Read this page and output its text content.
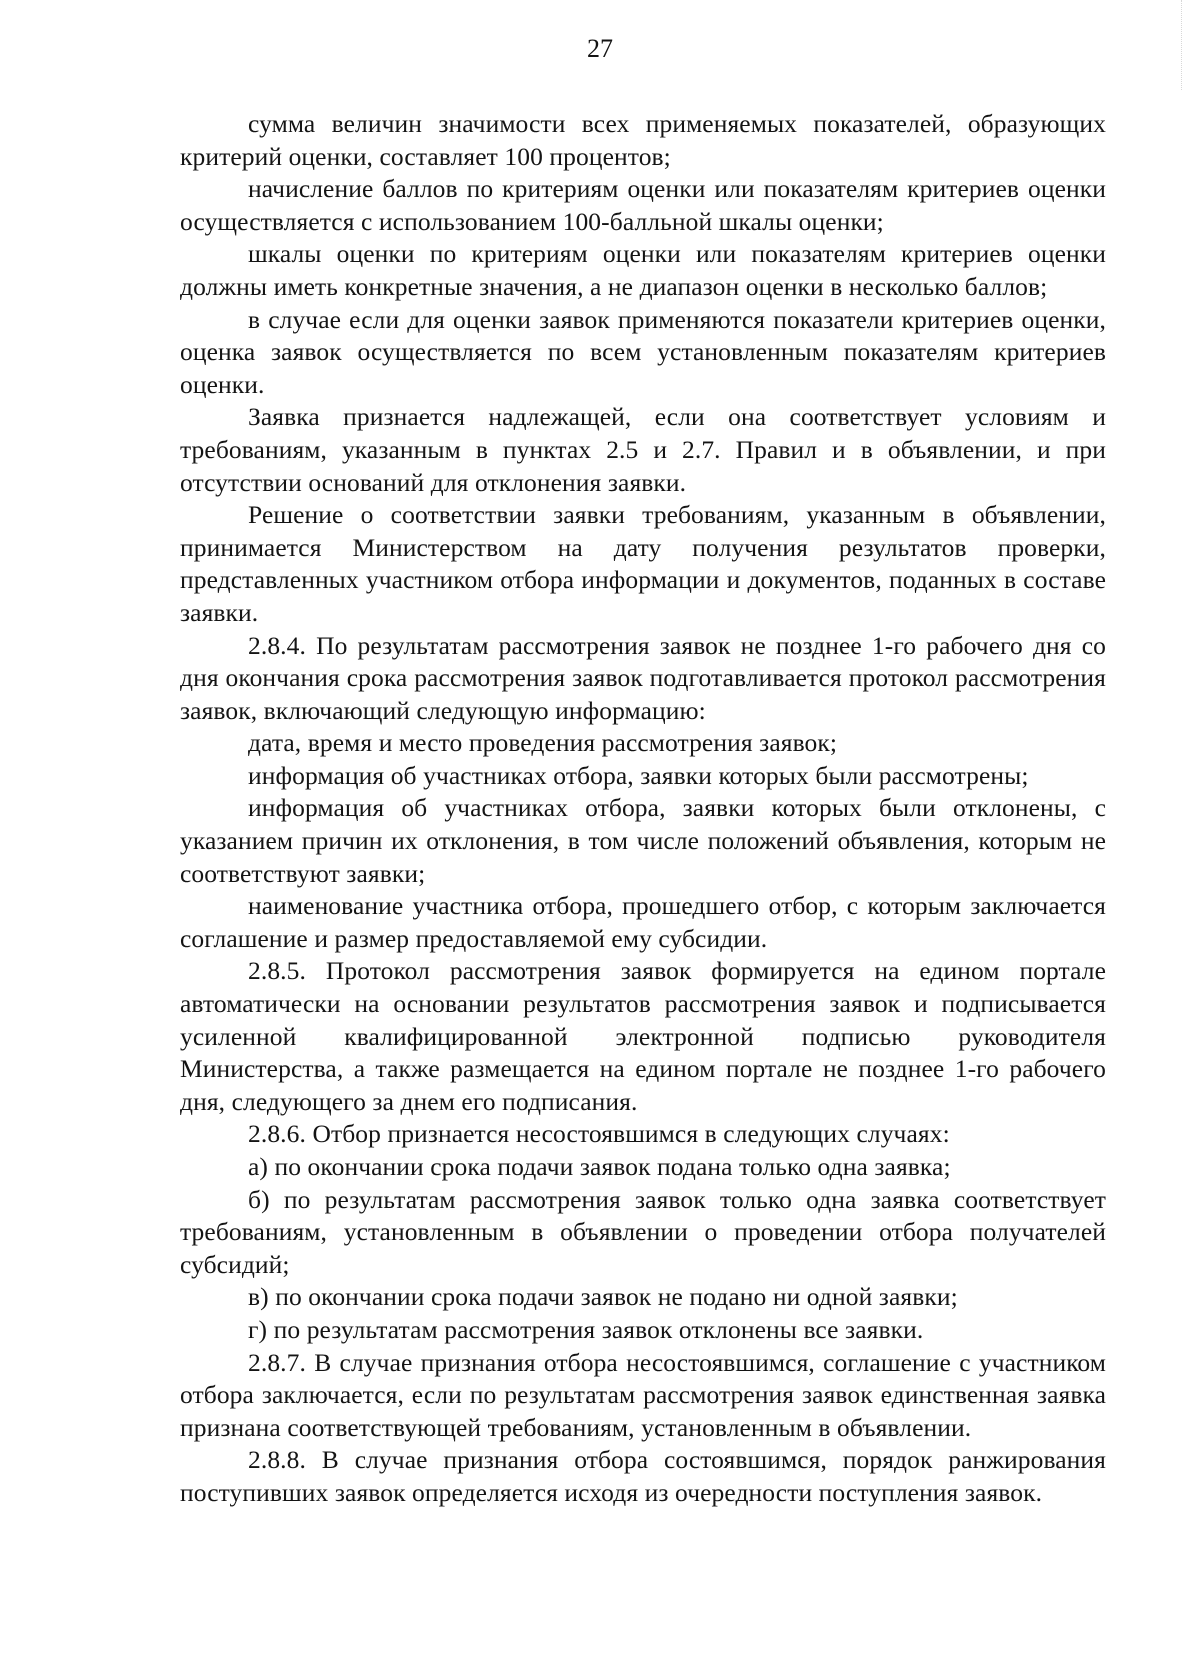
27

сумма величин значимости всех применяемых показателей, образующих критерий оценки, составляет 100 процентов;

начисление баллов по критериям оценки или показателям критериев оценки осуществляется с использованием 100-балльной шкалы оценки;

шкалы оценки по критериям оценки или показателям критериев оценки должны иметь конкретные значения, а не диапазон оценки в несколько баллов;

в случае если для оценки заявок применяются показатели критериев оценки, оценка заявок осуществляется по всем установленным показателям критериев оценки.

Заявка признается надлежащей, если она соответствует условиям и требованиям, указанным в пунктах 2.5 и 2.7. Правил и в объявлении, и при отсутствии оснований для отклонения заявки.

Решение о соответствии заявки требованиям, указанным в объявлении, принимается Министерством на дату получения результатов проверки, представленных участником отбора информации и документов, поданных в составе заявки.

2.8.4. По результатам рассмотрения заявок не позднее 1-го рабочего дня со дня окончания срока рассмотрения заявок подготавливается протокол рассмотрения заявок, включающий следующую информацию:

дата, время и место проведения рассмотрения заявок;

информация об участниках отбора, заявки которых были рассмотрены;

информация об участниках отбора, заявки которых были отклонены, с указанием причин их отклонения, в том числе положений объявления, которым не соответствуют заявки;

наименование участника отбора, прошедшего отбор, с которым заключается соглашение и размер предоставляемой ему субсидии.

2.8.5. Протокол рассмотрения заявок формируется на едином портале автоматически на основании результатов рассмотрения заявок и подписывается усиленной квалифицированной электронной подписью руководителя Министерства, а также размещается на едином портале не позднее 1-го рабочего дня, следующего за днем его подписания.

2.8.6. Отбор признается несостоявшимся в следующих случаях:

а) по окончании срока подачи заявок подана только одна заявка;

б) по результатам рассмотрения заявок только одна заявка соответствует требованиям, установленным в объявлении о проведении отбора получателей субсидий;

в) по окончании срока подачи заявок не подано ни одной заявки;

г) по результатам рассмотрения заявок отклонены все заявки.

2.8.7. В случае признания отбора несостоявшимся, соглашение с участником отбора заключается, если по результатам рассмотрения заявок единственная заявка признана соответствующей требованиям, установленным в объявлении.

2.8.8. В случае признания отбора состоявшимся, порядок ранжирования поступивших заявок определяется исходя из очередности поступления заявок.
